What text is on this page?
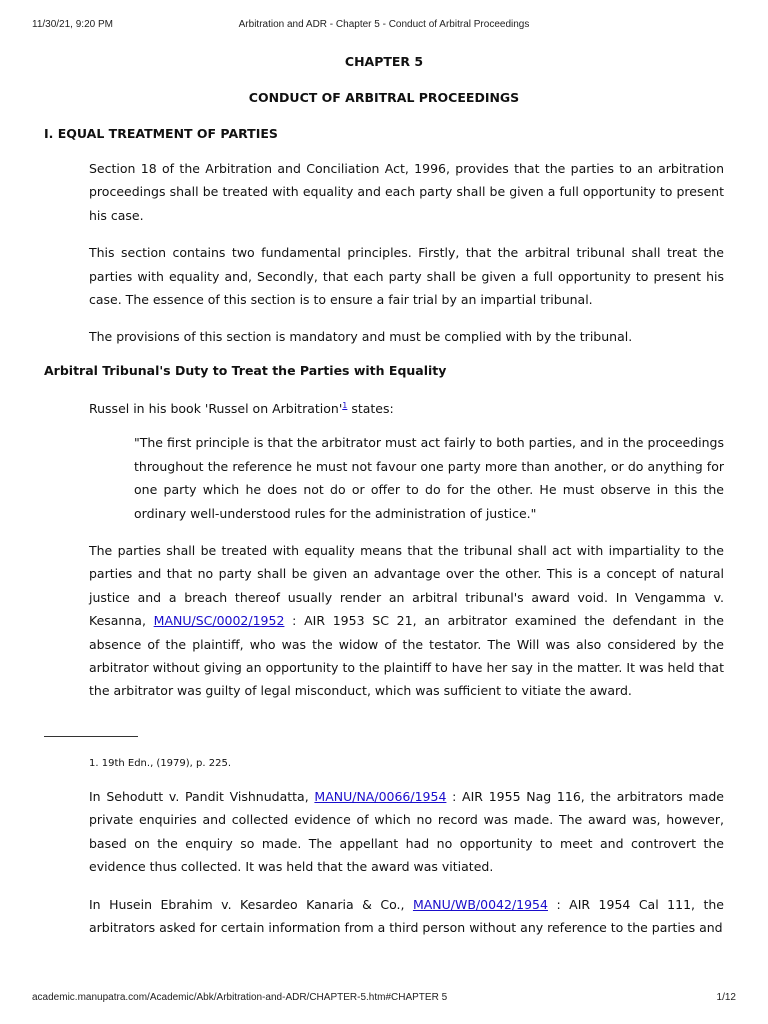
11/30/21, 9:20 PM	Arbitration and ADR - Chapter 5 - Conduct of Arbitral Proceedings
CHAPTER 5
CONDUCT OF ARBITRAL PROCEEDINGS
I. EQUAL TREATMENT OF PARTIES

Section 18 of the Arbitration and Conciliation Act, 1996, provides that the parties to an arbitration proceedings shall be treated with equality and each party shall be given a full opportunity to present his case.

This section contains two fundamental principles. Firstly, that the arbitral tribunal shall treat the parties with equality and, Secondly, that each party shall be given a full opportunity to present his case. The essence of this section is to ensure a fair trial by an impartial tribunal.

The provisions of this section is mandatory and must be complied with by the tribunal.

Arbitral Tribunal's Duty to Treat the Parties with Equality

Russel in his book 'Russel on Arbitration'$^1$ states:

"The first principle is that the arbitrator must act fairly to both parties, and in the proceedings throughout the reference he must not favour one party more than another, or do anything for one party which he does not do or offer to do for the other. He must observe in this the ordinary well-understood rules for the administration of justice."

The parties shall be treated with equality means that the tribunal shall act with impartiality to the parties and that no party shall be given an advantage over the other. This is a concept of natural justice and a breach thereof usually render an arbitral tribunal's award void. In Vengamma v. Kesanna, MANU/SC/0002/1952 : AIR 1953 SC 21, an arbitrator examined the defendant in the absence of the plaintiff, who was the widow of the testator. The Will was also considered by the arbitrator without giving an opportunity to the plaintiff to have her say in the matter. It was held that the arbitrator was guilty of legal misconduct, which was sufficient to vitiate the award.

1. 19th Edn., (1979), p. 225.

In Sehodutt v. Pandit Vishnudatta, MANU/NA/0066/1954 : AIR 1955 Nag 116, the arbitrators made private enquiries and collected evidence of which no record was made. The award was, however, based on the enquiry so made. The appellant had no opportunity to meet and controvert the evidence thus collected. It was held that the award was vitiated.

In Husein Ebrahim v. Kesardeo Kanaria & Co., MANU/WB/0042/1954 : AIR 1954 Cal 111, the arbitrators asked for certain information from a third person without any reference to the parties and

academic.manupatra.com/Academic/Abk/Arbitration-and-ADR/CHAPTER-5.htm#CHAPTER 5	1/12
